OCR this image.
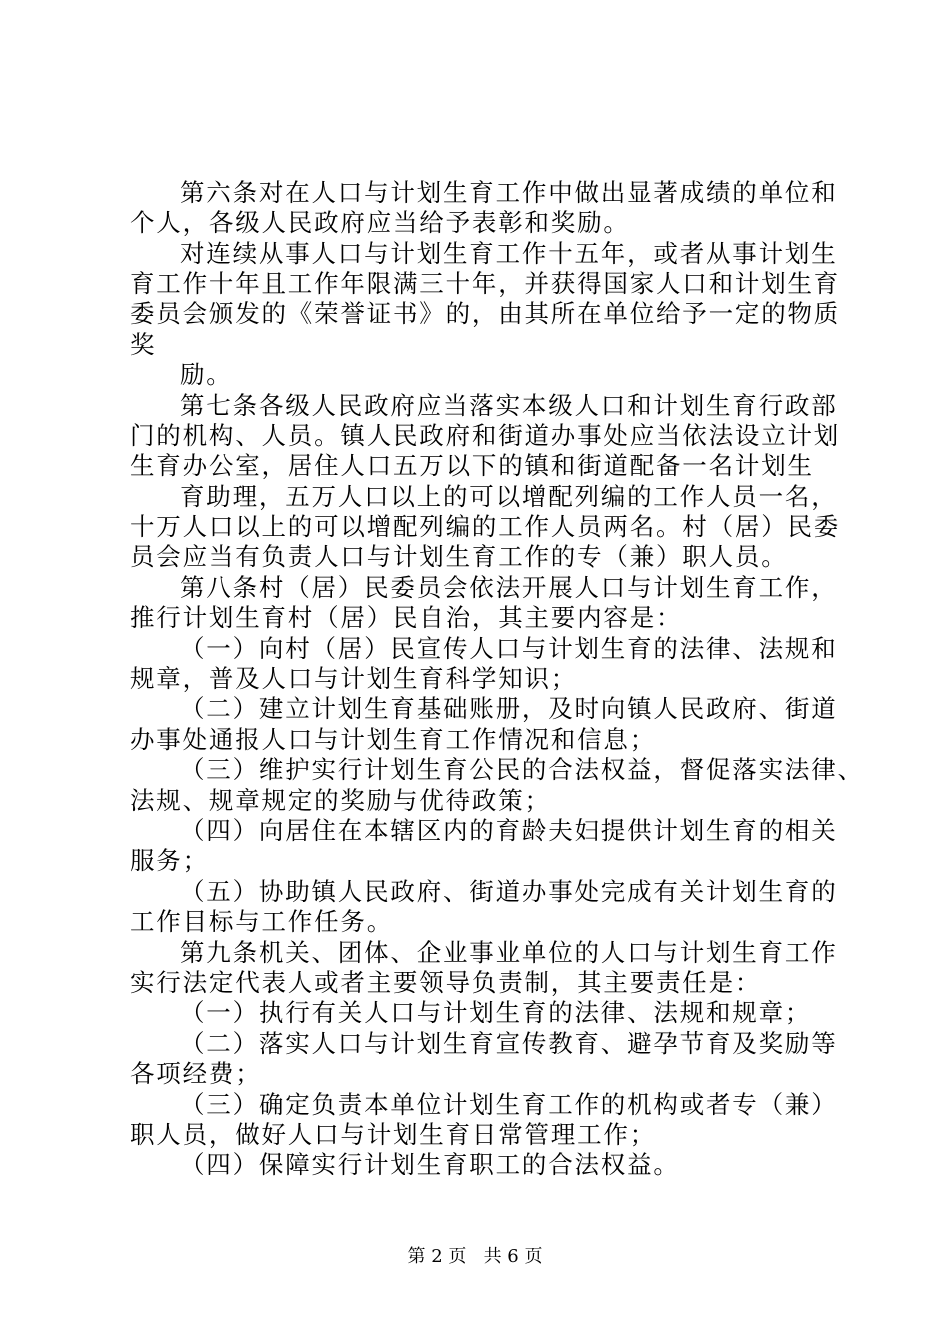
第六条对在人口与计划生育工作中做出显著成绩的单位和
个人，各级人民政府应当给予表彰和奖励。
对连续从事人口与计划生育工作十五年，或者从事计划生
育工作十年且工作年限满三十年，并获得国家人口和计划生育
委员会颁发的《荣誉证书》的，由其所在单位给予一定的物质
奖
励。
第七条各级人民政府应当落实本级人口和计划生育行政部
门的机构、人员。镇人民政府和街道办事处应当依法设立计划
生育办公室，居住人口五万以下的镇和街道配备一名计划生
育助理，五万人口以上的可以增配列编的工作人员一名，
十万人口以上的可以增配列编的工作人员两名。村（居）民委
员会应当有负责人口与计划生育工作的专（兼）职人员。
第八条村（居）民委员会依法开展人口与计划生育工作，
推行计划生育村（居）民自治，其主要内容是：
（一）向村（居）民宣传人口与计划生育的法律、法规和
规章，普及人口与计划生育科学知识；
（二）建立计划生育基础账册，及时向镇人民政府、街道
办事处通报人口与计划生育工作情况和信息；
（三）维护实行计划生育公民的合法权益，督促落实法律、
法规、规章规定的奖励与优待政策；
（四）向居住在本辖区内的育龄夫妇提供计划生育的相关
服务；
（五）协助镇人民政府、街道办事处完成有关计划生育的
工作目标与工作任务。
第九条机关、团体、企业事业单位的人口与计划生育工作
实行法定代表人或者主要领导负责制，其主要责任是：
（一）执行有关人口与计划生育的法律、法规和规章；
（二）落实人口与计划生育宣传教育、避孕节育及奖励等
各项经费；
（三）确定负责本单位计划生育工作的机构或者专（兼）
职人员，做好人口与计划生育日常管理工作；
（四）保障实行计划生育职工的合法权益。
第 2 页   共 6 页
